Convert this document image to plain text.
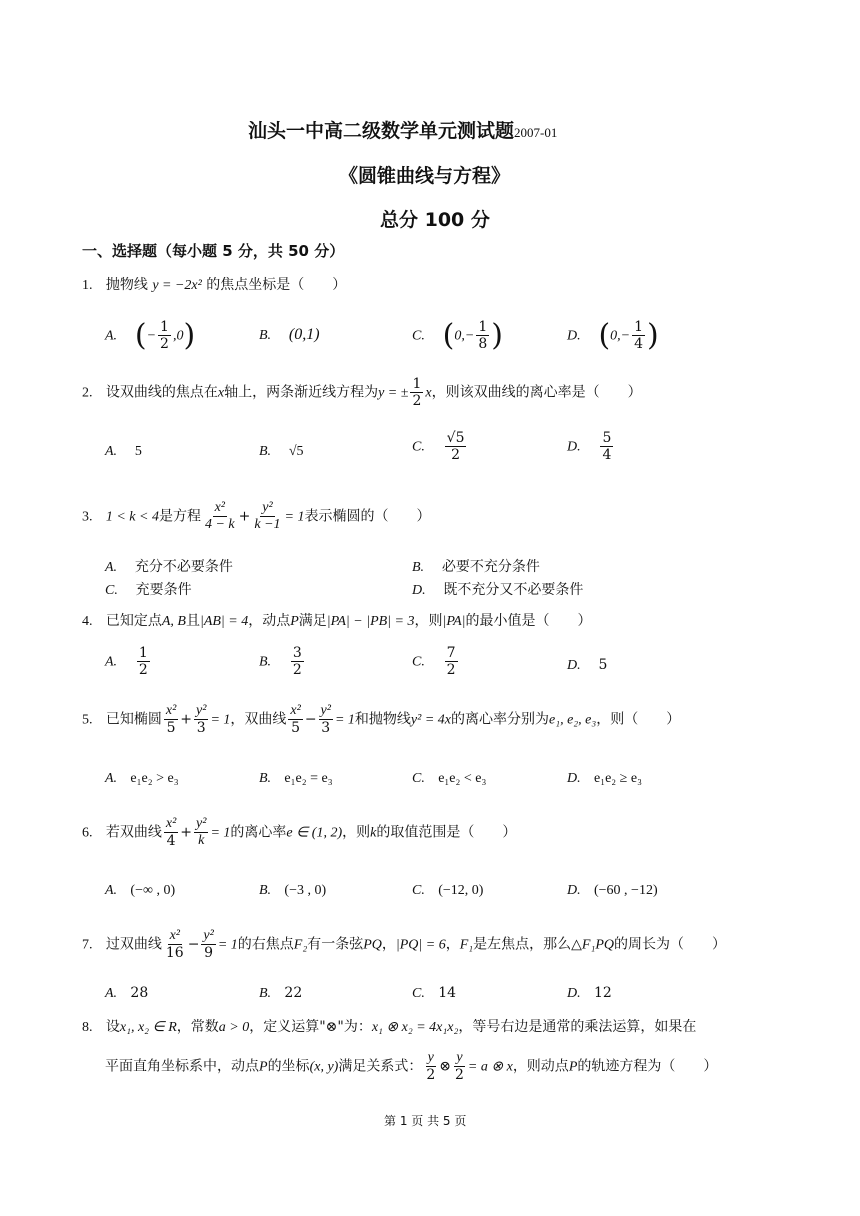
汕头一中高二级数学单元测试题2007-01
《圆锥曲线与方程》
总分 100 分
一、选择题（每小题 5 分，共 50 分）
1. 抛物线 y = −2x² 的焦点坐标是（　　）
A. (− $\frac{1}{2} ,0$)	B. (0,1)	C. ($0,- \frac{1}{8}$ )	D. ($0,- \frac{1}{4}$ )
2. 设双曲线的焦点在x轴上，两条渐近线方程为y = ± $\frac{1}{2}$ x，则该双曲线的离心率是（　　）
A. 5	B. √5	C. $\frac{√5}{2}$	D. $\frac{5}{4}$
3. 1 < k < 4是方程 $\frac{\text{x²}}{4 - k} + \frac{\text{y²}}{k -1} = 1$表示椭圆的（　　）
A. 充分不必要条件	B. 必要不充分条件
C. 充要条件	D. 既不充分又不必要条件
4. 已知定点A, B且|AB| = 4，动点P满足|PA| − |PB| = 3，则|PA|的最小值是（　　）
A. $\frac{1}{2}$	B. $\frac{3}{2}$	C. $\frac{7}{2}$	D. 5
5. 已知椭圆 $\frac{\text{x²}}{5} + \frac{\text{y²}}{3} = 1$，双曲线 $\frac{\text{x²}}{5} - \frac{\text{y²}}{3} = 1$和抛物线y² = 4x的离心率分别为e₁, e₂, e₃，则（　　）
A. e₁e₂ > e₃	B. e₁e₂ = e₃	C. e₁e₂ < e₃	D. e₁e₂ ≥ e₃
6. 若双曲线 $\frac{\text{x²}}{4} + \frac{\text{y²}}{k} = 1$的离心率e ∈ (1, 2)，则k的取值范围是（　　）
A. (−∞ , 0)	B. (−3 , 0)	C. (−12, 0)	D. (−60 , −12)
7. 过双曲线 $\frac{\text{x²}}{16} - \frac{\text{y²}}{9} = 1$的右焦点F₂有一条弦PQ，|PQ| = 6，F₁是左焦点，那么△F₁PQ的周长为（　　）
A. 28	B. 22	C. 14	D. 12
8. 设x₁, x₂ ∈ R，常数a > 0，定义运算"⊗"为：x₁ ⊗ x₂ = 4x₁x₂，等号右边是通常的乘法运算，如果在
平面直角坐标系中，动点P的坐标(x, y)满足关系式： $\frac{y}{2}$ ⊗ $\frac{y}{2} = a$ ⊗ x，则动点P的轨迹方程为（　　）
第 1 页 共 5 页
